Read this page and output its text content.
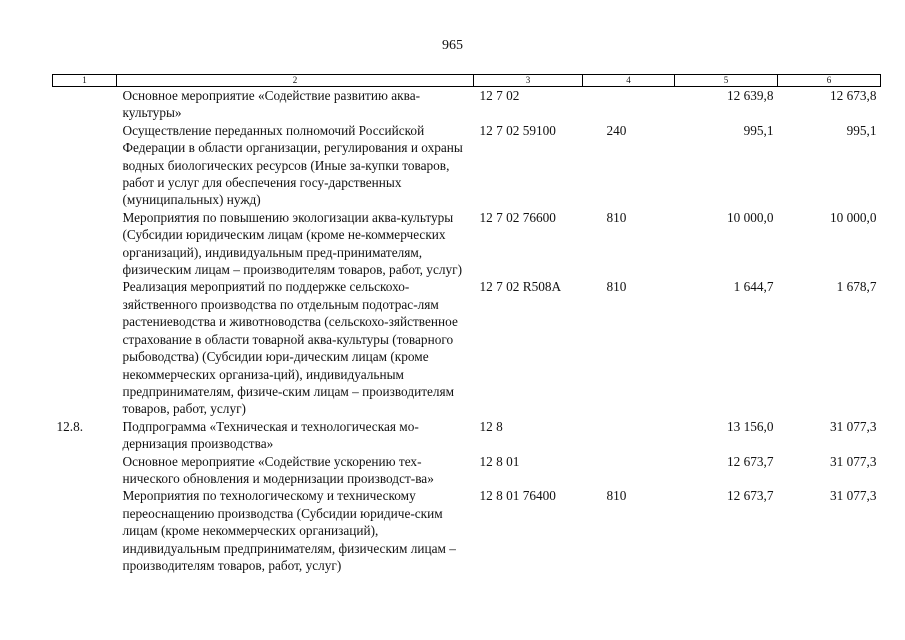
965
1	2	3	4	5	6
	Основное мероприятие «Содействие развитию аква-культуры»	12 7 02		12 639,8	12 673,8
	Осуществление переданных полномочий Российской Федерации в области организации, регулирования и охраны водных биологических ресурсов (Иные за-купки товаров, работ и услуг для обеспечения госу-дарственных (муниципальных) нужд)	12 7 02 59100	240	995,1	995,1
	Мероприятия по повышению экологизации аква-культуры (Субсидии юридическим лицам (кроме не-коммерческих организаций), индивидуальным пред-принимателям, физическим лицам – производителям товаров, работ, услуг)	12 7 02 76600	810	10 000,0	10 000,0
	Реализация мероприятий по поддержке сельскохо-зяйственного производства по отдельным подотрас-лям растениеводства и животноводства (сельскохо-зяйственное страхование в области товарной аква-культуры (товарного рыбоводства) (Субсидии юри-дическим лицам (кроме некоммерческих организа-ций), индивидуальным предпринимателям, физиче-ским лицам – производителям товаров, работ, услуг)	12 7 02 R508A	810	1 644,7	1 678,7
12.8.	Подпрограмма «Техническая и технологическая мо-дернизация производства»	12 8		13 156,0	31 077,3
	Основное мероприятие «Содействие ускорению тех-нического обновления и модернизации производст-ва»	12 8 01		12 673,7	31 077,3
	Мероприятия по технологическому и техническому переоснащению производства (Субсидии юридиче-ским лицам (кроме некоммерческих организаций), индивидуальным предпринимателям, физическим лицам – производителям товаров, работ, услуг)	12 8 01 76400	810	12 673,7	31 077,3
